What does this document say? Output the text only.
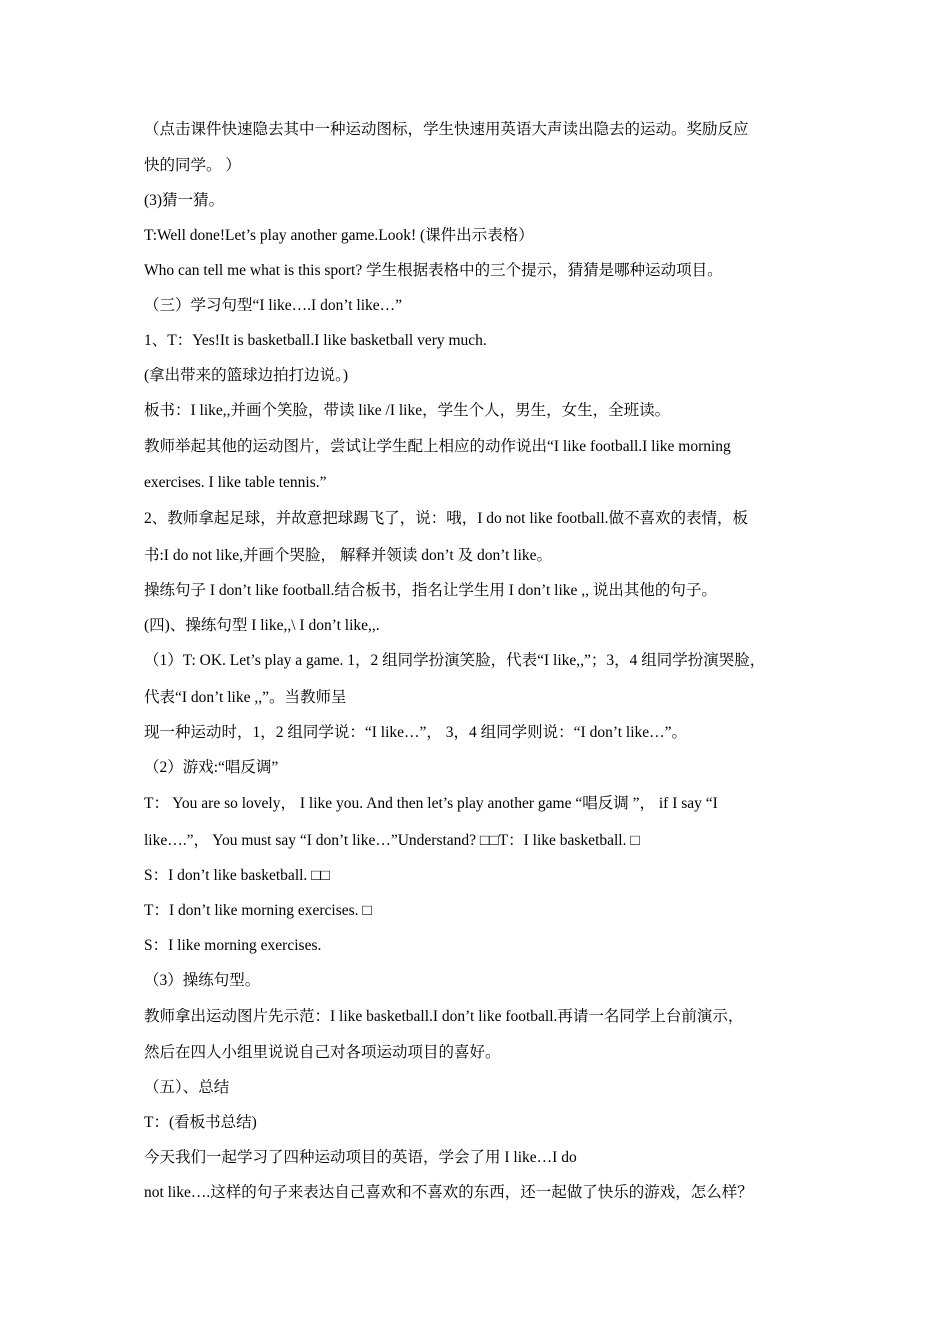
（点击课件快速隐去其中一种运动图标，学生快速用英语大声读出隐去的运动。奖励反应
快的同学。 ）
(3)猜一猜。
T:Well done!Let’s play another game.Look! (课件出示表格）
Who can tell me what is this sport? 学生根据表格中的三个提示，猜猜是哪种运动项目。
（三）学习句型“I like….I don’t like…”
1、T：Yes!It is basketball.I like basketball very much.
(拿出带来的篮球边拍打边说。)
板书：I like,,并画个笑脸，带读 like /I like，学生个人，男生，女生，全班读。
教师举起其他的运动图片，尝试让学生配上相应的动作说出“I like football.I like morning
exercises. I like table tennis.”
2、教师拿起足球，并故意把球踢飞了，说：哦，I do not like football.做不喜欢的表情，板
书:I do not like,并画个哭脸， 解释并领读 don’t 及 don’t like。
操练句子 I don’t like football.结合板书，指名让学生用 I don’t like ,, 说出其他的句子。
(四)、操练句型 I like,,\ I don’t like,,.
（1）T: OK. Let’s play a game. 1，2 组同学扮演笑脸，代表“I like,,”；3，4 组同学扮演哭脸，
代表“I don’t like ,,”。当教师呈
现一种运动时，1，2 组同学说：“I like…”， 3，4 组同学则说：“I don’t like…”。
（2）游戏:“唱反调”
T： You are so lovely， I like you. And then let’s play another game “唱反调 ”， if I say “I
like….”， You must say “I don’t like…”Understand? □□T：I like basketball. □
S：I don’t like basketball. □□
T：I don’t like morning exercises. □
S：I like morning exercises.
（3）操练句型。
教师拿出运动图片先示范：I like basketball.I don’t like football.再请一名同学上台前演示，
然后在四人小组里说说自己对各项运动项目的喜好。
（五）、总结
T：(看板书总结)
今天我们一起学习了四种运动项目的英语，学会了用 I like…I do
not like….这样的句子来表达自己喜欢和不喜欢的东西，还一起做了快乐的游戏，怎么样？
